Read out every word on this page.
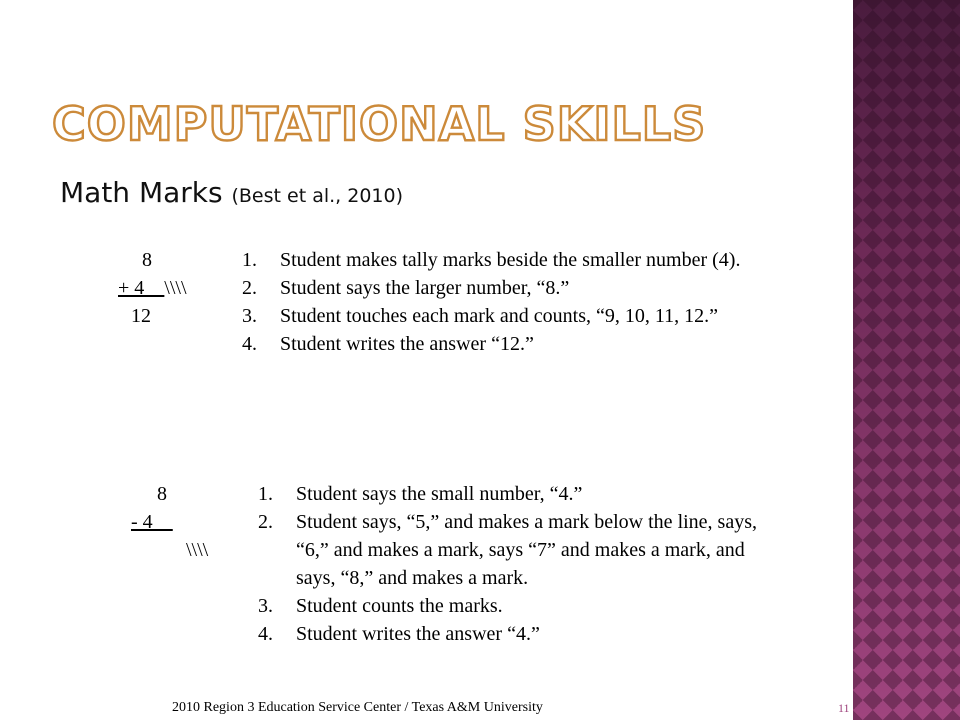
COMPUTATIONAL SKILLS
Math Marks (Best et al., 2010)
8
+ 4__\\\\
12
1.	Student makes tally marks beside the smaller number (4).
2.	Student says the larger number, “8.”
3.	Student touches each mark and counts, “9, 10, 11, 12.”
4.	Student writes the answer “12.”
8
- 4__
\\\\
1.	Student says the small number, “4.”
2.	Student says, “5,” and makes a mark below the line, says, “6,” and makes a mark, says “7” and makes a mark, and says, “8,” and makes a mark.
3.	Student counts the marks.
4.	Student writes the answer “4.”
2010 Region 3 Education Service Center / Texas A&M University	11
